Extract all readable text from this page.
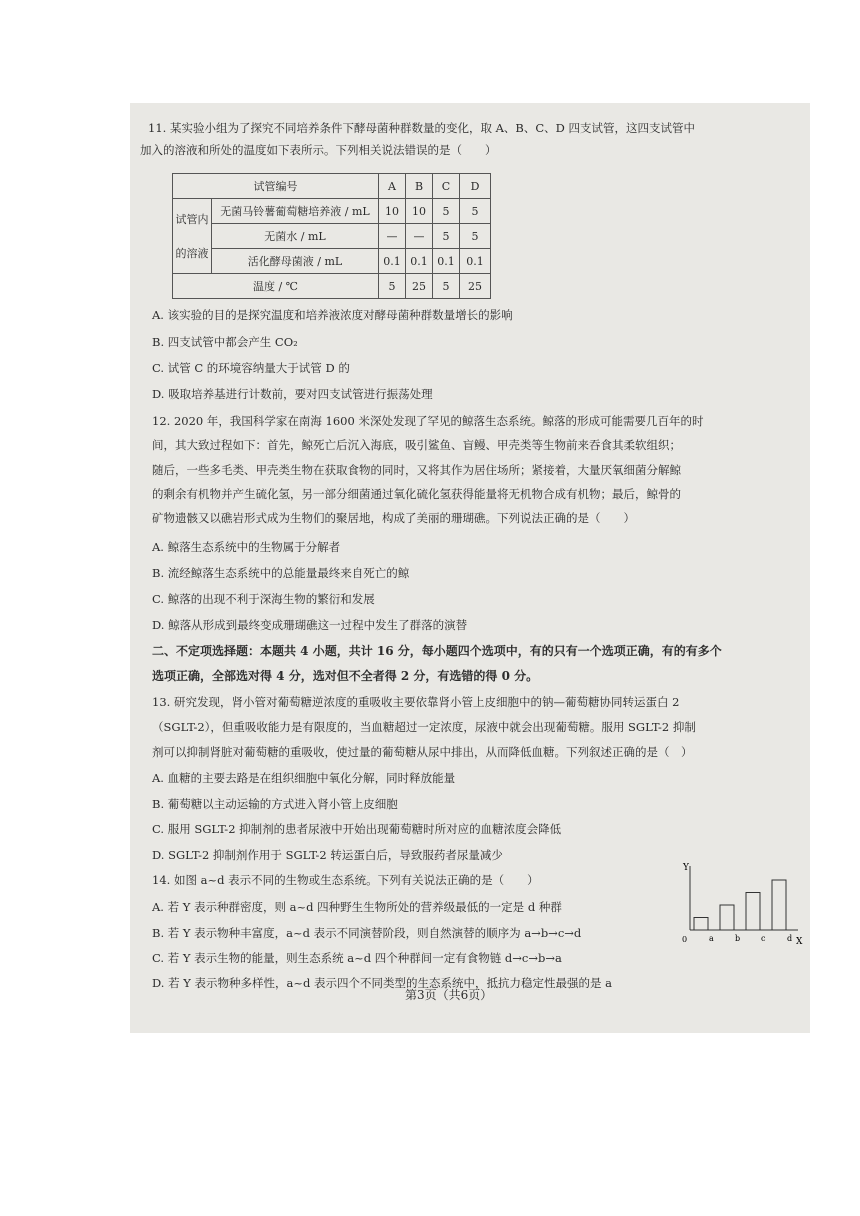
11. 某实验小组为了探究不同培养条件下酵母菌种群数量的变化，取 A、B、C、D 四支试管，这四支试管中
加入的溶液和所处的温度如下表所示。下列相关说法错误的是（　　）
试管编号		A	B	C	D

试管内
的溶液	无菌马铃薯葡萄糖培养液 / mL	10	10	5	5
	无菌水 / mL	—	—	5	5
	活化酵母菌液 / mL	0.1	0.1	0.1	0.1
温度 / ℃		5	25	5	25
A. 该实验的目的是探究温度和培养液浓度对酵母菌种群数量增长的影响
B. 四支试管中都会产生 CO₂
C. 试管 C 的环境容纳量大于试管 D 的
D. 吸取培养基进行计数前，要对四支试管进行振荡处理
12. 2020 年，我国科学家在南海 1600 米深处发现了罕见的鲸落生态系统。鲸落的形成可能需要几百年的时
间，其大致过程如下：首先，鲸死亡后沉入海底，吸引鲨鱼、盲鳗、甲壳类等生物前来吞食其柔软组织；
随后，一些多毛类、甲壳类生物在获取食物的同时，又将其作为居住场所；紧接着，大量厌氧细菌分解鲸
的剩余有机物并产生硫化氢，另一部分细菌通过氧化硫化氢获得能量将无机物合成有机物；最后，鲸骨的
矿物遗骸又以礁岩形式成为生物们的聚居地，构成了美丽的珊瑚礁。下列说法正确的是（　　）
A. 鲸落生态系统中的生物属于分解者
B. 流经鲸落生态系统中的总能量最终来自死亡的鲸
C. 鲸落的出现不利于深海生物的繁衍和发展
D. 鲸落从形成到最终变成珊瑚礁这一过程中发生了群落的演替
二、不定项选择题：本题共 4 小题，共计 16 分，每小题四个选项中，有的只有一个选项正确，有的有多个
选项正确，全部选对得 4 分，选对但不全者得 2 分，有选错的得 0 分。
13. 研究发现，肾小管对葡萄糖逆浓度的重吸收主要依靠肾小管上皮细胞中的钠—葡萄糖协同转运蛋白 2
（SGLT-2），但重吸收能力是有限度的，当血糖超过一定浓度，尿液中就会出现葡萄糖。服用 SGLT-2 抑制
剂可以抑制肾脏对葡萄糖的重吸收，使过量的葡萄糖从尿中排出，从而降低血糖。下列叙述正确的是（　）
A. 血糖的主要去路是在组织细胞中氧化分解，同时释放能量
B. 葡萄糖以主动运输的方式进入肾小管上皮细胞
C. 服用 SGLT-2 抑制剂的患者尿液中开始出现葡萄糖时所对应的血糖浓度会降低
D. SGLT-2 抑制剂作用于 SGLT-2 转运蛋白后，导致服药者尿量减少
14. 如图 a~d 表示不同的生物或生态系统。下列有关说法正确的是（　　）
A. 若 Y 表示种群密度，则 a~d 四种野生生物所处的营养级最低的一定是 d 种群
B. 若 Y 表示物种丰富度，a~d 表示不同演替阶段，则自然演替的顺序为 a→b→c→d
C. 若 Y 表示生物的能量，则生态系统 a~d 四个种群间一定有食物链 d→c→b→a
D. 若 Y 表示物种多样性，a~d 表示四个不同类型的生态系统中，抵抗力稳定性最强的是 a
Y
X
0	a	b	c	d
第3页（共6页）
